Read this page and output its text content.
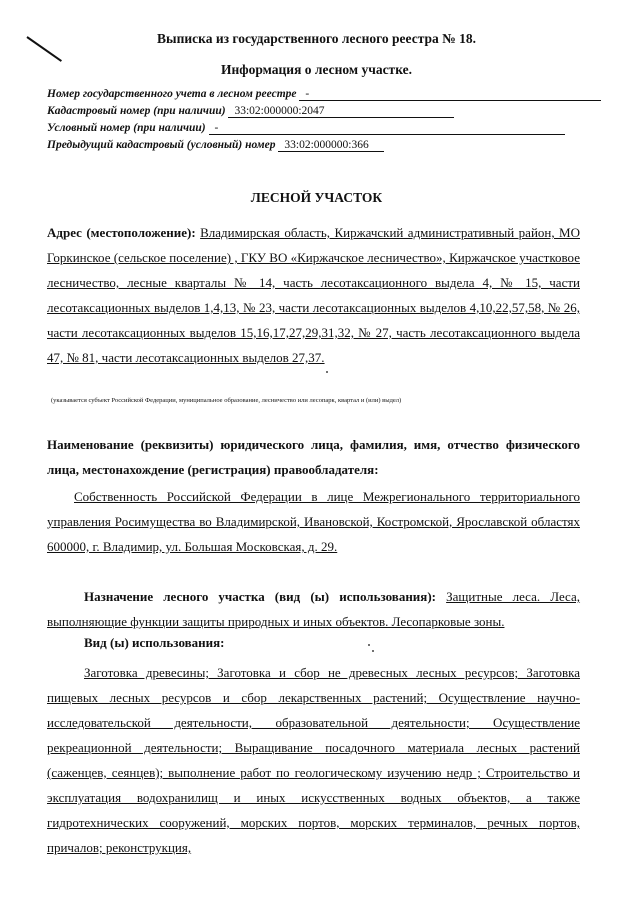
Выписка из государственного лесного реестра № 18.
Информация о лесном участке.
Номер государственного учета в лесном реестре -
Кадастровый номер (при наличии) 33:02:000000:2047
Условный номер (при наличии) -
Предыдущий кадастровый (условный) номер 33:02:000000:366
ЛЕСНОЙ УЧАСТОК
Адрес (местоположение): Владимирская область, Киржачский административный район, МО Горкинское (сельское поселение) , ГКУ ВО «Киржачское лесничество», Киржачское участковое лесничество, лесные кварталы № 14, часть лесотаксационного выдела 4, № 15, части лесотаксационных выделов 1,4,13, № 23, части лесотаксационных выделов 4,10,22,57,58, № 26, части лесотаксационных выделов 15,16,17,27,29,31,32, № 27, часть лесотаксационного выдела 47, № 81, части лесотаксационных выделов 27,37.
(указывается субъект Российской Федерации, муниципальное образование, лесничество или лесопарк, квартал и (или) выдел)
Наименование (реквизиты) юридического лица, фамилия, имя, отчество физического лица, местонахождение (регистрация) правообладателя:
Собственность Российской Федерации в лице Межрегионального территориального управления Росимущества во Владимирской, Ивановской, Костромской, Ярославской областях 600000, г. Владимир, ул. Большая Московская, д. 29.
Назначение лесного участка (вид (ы) использования): Защитные леса. Леса, выполняющие функции защиты природных и иных объектов. Лесопарковые зоны.
Вид (ы) использования:
Заготовка древесины; Заготовка и сбор не древесных лесных ресурсов; Заготовка пищевых лесных ресурсов и сбор лекарственных растений; Осуществление научно-исследовательской деятельности, образовательной деятельности; Осуществление рекреационной деятельности; Выращивание посадочного материала лесных растений (саженцев, сеянцев); выполнение работ по геологическому изучению недр ; Строительство и эксплуатация водохранилищ и иных искусственных водных объектов, а также гидротехнических сооружений, морских портов, морских терминалов, речных портов, причалов; реконструкция,
